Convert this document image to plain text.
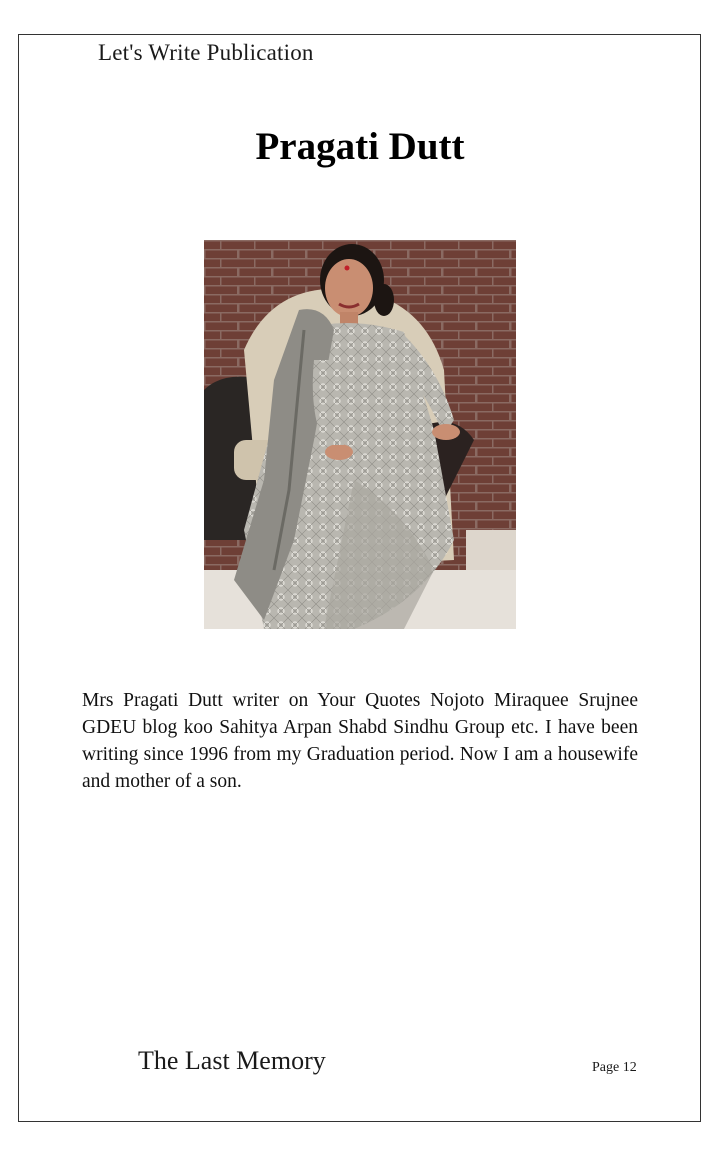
Let's Write Publication
Pragati Dutt
Mrs Pragati Dutt writer on Your Quotes Nojoto Miraquee Srujnee GDEU blog koo Sahitya Arpan Shabd Sindhu Group etc. I have been writing since 1996 from my Graduation period. Now I am a housewife and mother of a son.
The Last Memory	Page 12
